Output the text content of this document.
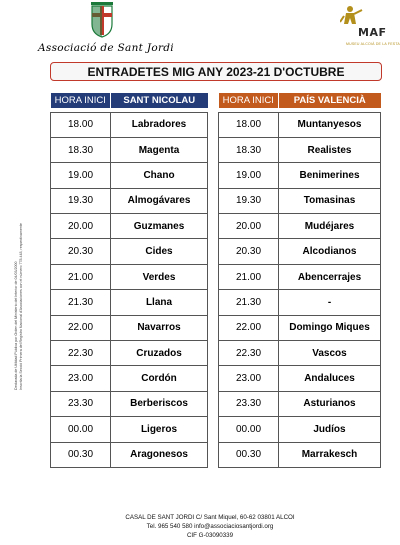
Associació de Sant Jordi
MAF
MUSEU ALCOIÀ DE LA FESTA
ENTRADETES MIG ANY 2023-21 D'OCTUBRE
Declarada de Utilidad Pública por Orden del Ministerio del Interior de 04/03/2000 Inscrita la Secció Primera del Registro Nacional d'Asociaciones con el número 778.448, respectivamente
HORA INICI	SANT NICOLAU

18.00	Labradores
18.30	Magenta
19.00	Chano
19.30	Almogávares
20.00	Guzmanes
20.30	Cides
21.00	Verdes
21.30	Llana
22.00	Navarros
22.30	Cruzados
23.00	Cordón
23.30	Berberiscos
00.00	Ligeros
00.30	Aragonesos
HORA INICI	PAÍS VALENCIÀ

18.00	Muntanyesos
18.30	Realistes
19.00	Benimerines
19.30	Tomasinas
20.00	Mudéjares
20.30	Alcodianos
21.00	Abencerrajes
21.30	-
22.00	Domingo Miques
22.30	Vascos
23.00	Andaluces
23.30	Asturianos
00.00	Judíos
00.30	Marrakesch
CASAL DE SANT JORDI C/ Sant Miquel, 60-62 03801 ALCOI
Tel. 965 540 580 info@associaciosantjordi.org
CIF G-03090339
